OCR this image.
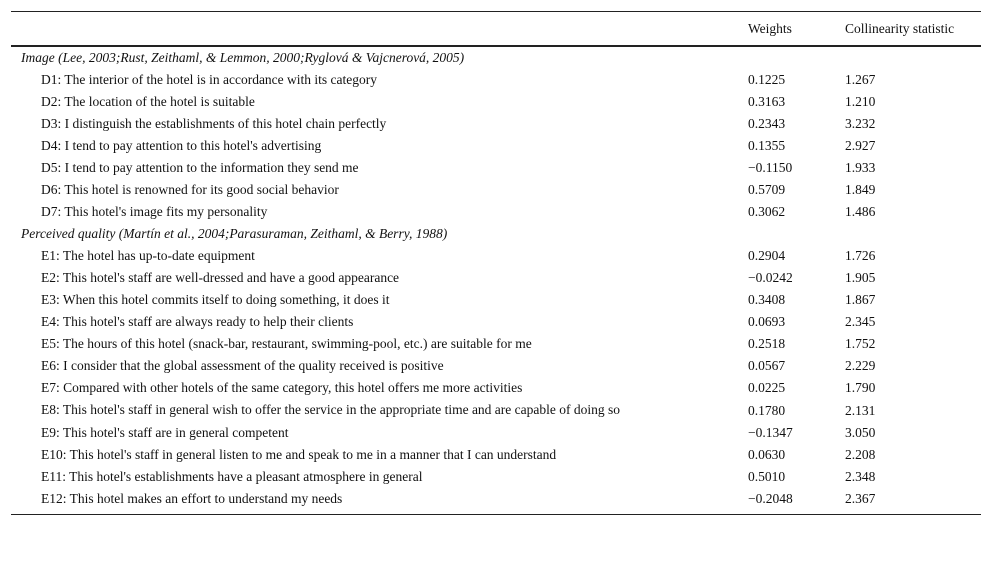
	Weights	Collinearity statistic
Image (Lee, 2003;Rust, Zeithaml, & Lemmon, 2000;Ryglová & Vajcnerová, 2005)		
D1: The interior of the hotel is in accordance with its category	0.1225	1.267
D2: The location of the hotel is suitable	0.3163	1.210
D3: I distinguish the establishments of this hotel chain perfectly	0.2343	3.232
D4: I tend to pay attention to this hotel's advertising	0.1355	2.927
D5: I tend to pay attention to the information they send me	−0.1150	1.933
D6: This hotel is renowned for its good social behavior	0.5709	1.849
D7: This hotel's image fits my personality	0.3062	1.486
Perceived quality (Martín et al., 2004;Parasuraman, Zeithaml, & Berry, 1988)		
E1: The hotel has up-to-date equipment	0.2904	1.726
E2: This hotel's staff are well-dressed and have a good appearance	−0.0242	1.905
E3: When this hotel commits itself to doing something, it does it	0.3408	1.867
E4: This hotel's staff are always ready to help their clients	0.0693	2.345
E5: The hours of this hotel (snack-bar, restaurant, swimming-pool, etc.) are suitable for me	0.2518	1.752
E6: I consider that the global assessment of the quality received is positive	0.0567	2.229
E7: Compared with other hotels of the same category, this hotel offers me more activities	0.0225	1.790
E8: This hotel's staff in general wish to offer the service in the appropriate time and are capable of doing so	0.1780	2.131
E9: This hotel's staff are in general competent	−0.1347	3.050
E10: This hotel's staff in general listen to me and speak to me in a manner that I can understand	0.0630	2.208
E11: This hotel's establishments have a pleasant atmosphere in general	0.5010	2.348
E12: This hotel makes an effort to understand my needs	−0.2048	2.367
